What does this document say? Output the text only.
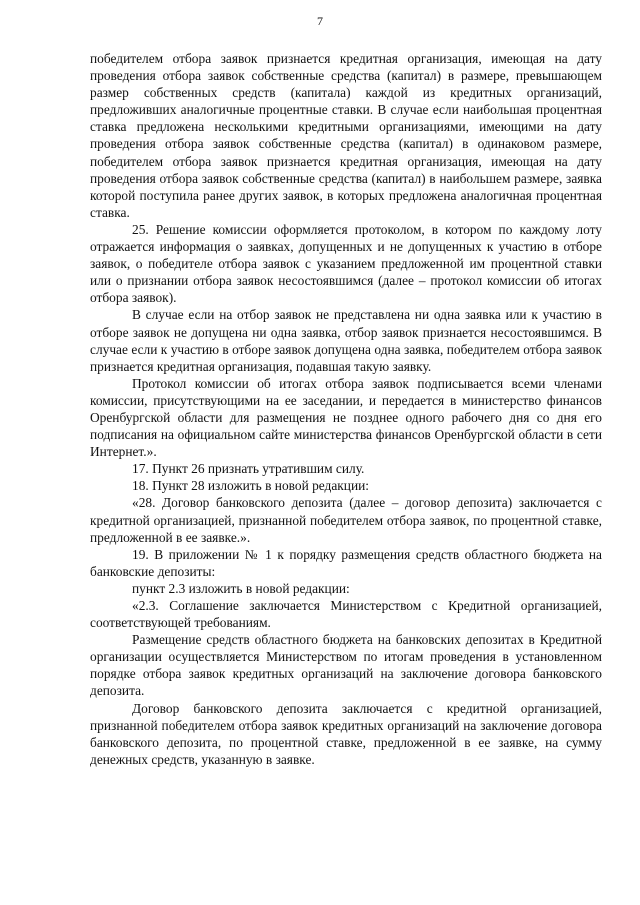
7

победителем отбора заявок признается кредитная организация, имеющая на дату проведения отбора заявок собственные средства (капитал) в размере, превышающем размер собственных средств (капитала) каждой из кредитных организаций, предложивших аналогичные процентные ставки. В случае если наибольшая процентная ставка предложена несколькими кредитными организациями, имеющими на дату проведения отбора заявок собственные средства (капитал) в одинаковом размере, победителем отбора заявок признается кредитная организация, имеющая на дату проведения отбора заявок собственные средства (капитал) в наибольшем размере, заявка которой поступила ранее других заявок, в которых предложена аналогичная процентная ставка.

25. Решение комиссии оформляется протоколом, в котором по каждому лоту отражается информация о заявках, допущенных и не допущенных к участию в отборе заявок, о победителе отбора заявок с указанием предложенной им процентной ставки или о признании отбора заявок несостоявшимся (далее – протокол комиссии об итогах отбора заявок).

В случае если на отбор заявок не представлена ни одна заявка или к участию в отборе заявок не допущена ни одна заявка, отбор заявок признается несостоявшимся. В случае если к участию в отборе заявок допущена одна заявка, победителем отбора заявок признается кредитная организация, подавшая такую заявку.

Протокол комиссии об итогах отбора заявок подписывается всеми членами комиссии, присутствующими на ее заседании, и передается в министерство финансов Оренбургской области для размещения не позднее одного рабочего дня со дня его подписания на официальном сайте министерства финансов Оренбургской области в сети Интернет.».

17. Пункт 26 признать утратившим силу.

18. Пункт 28 изложить в новой редакции:

«28. Договор банковского депозита (далее – договор депозита) заключается с кредитной организацией, признанной победителем отбора заявок, по процентной ставке, предложенной в ее заявке.».

19. В приложении № 1 к порядку размещения средств областного бюджета на банковские депозиты:

пункт 2.3 изложить в новой редакции:

«2.3. Соглашение заключается Министерством с Кредитной организацией, соответствующей требованиям.

Размещение средств областного бюджета на банковских депозитах в Кредитной организации осуществляется Министерством по итогам проведения в установленном порядке отбора заявок кредитных организаций на заключение договора банковского депозита.

Договор банковского депозита заключается с кредитной организацией, признанной победителем отбора заявок кредитных организаций на заключение договора банковского депозита, по процентной ставке, предложенной в ее заявке, на сумму денежных средств, указанную в заявке.
